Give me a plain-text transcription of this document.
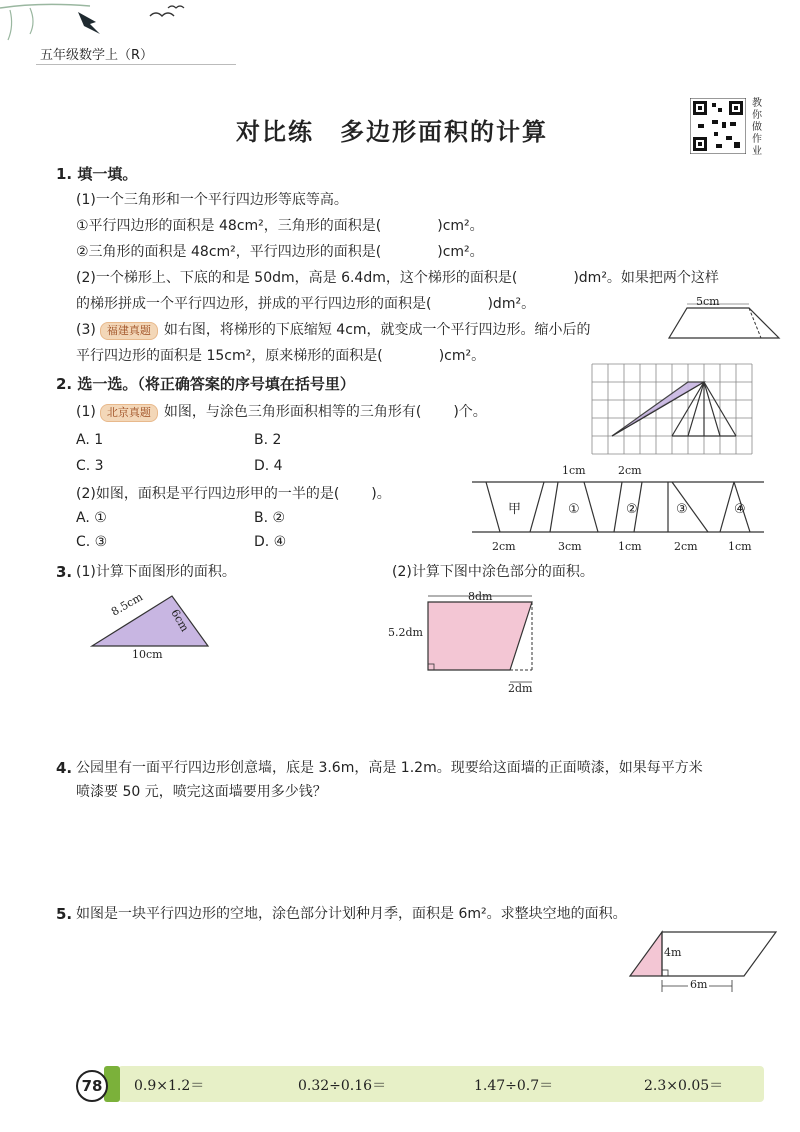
五年级数学上（R）
对比练　多边形面积的计算
教你做作业
1. 填一填。
(1)一个三角形和一个平行四边形等底等高。
①平行四边形的面积是 48cm²，三角形的面积是(	)cm²。
②三角形的面积是 48cm²，平行四边形的面积是(	)cm²。
(2)一个梯形上、下底的和是 50dm，高是 6.4dm，这个梯形的面积是(	)dm²。如果把两个这样
的梯形拼成一个平行四边形，拼成的平行四边形的面积是(	)dm²。
(3) 福建真题 如右图，将梯形的下底缩短 4cm，就变成一个平行四边形。缩小后的
平行四边形的面积是 15cm²，原来梯形的面积是(	)cm²。
5cm
2. 选一选。（将正确答案的序号填在括号里）
(1) 北京真题 如图，与涂色三角形面积相等的三角形有( )个。
A. 1	B. 2
C. 3	D. 4
(2)如图，面积是平行四边形甲的一半的是( )。
A. ①	B. ②
C. ③	D. ④
1cm	2cm
甲	①	②	③	④
2cm	3cm	1cm	2cm	1cm
3. (1)计算下面图形的面积。	(2)计算下图中涂色部分的面积。
8.5cm
6cm
10cm
8dm
5.2dm
2dm
4. 公园里有一面平行四边形创意墙，底是 3.6m，高是 1.2m。现要给这面墙的正面喷漆，如果每平方米
喷漆要 50 元，喷完这面墙要用多少钱？
5. 如图是一块平行四边形的空地，涂色部分计划种月季，面积是 6m²。求整块空地的面积。
4m
6m
78	0.9×1.2＝	0.32÷0.16＝	1.47÷0.7＝	2.3×0.05＝
